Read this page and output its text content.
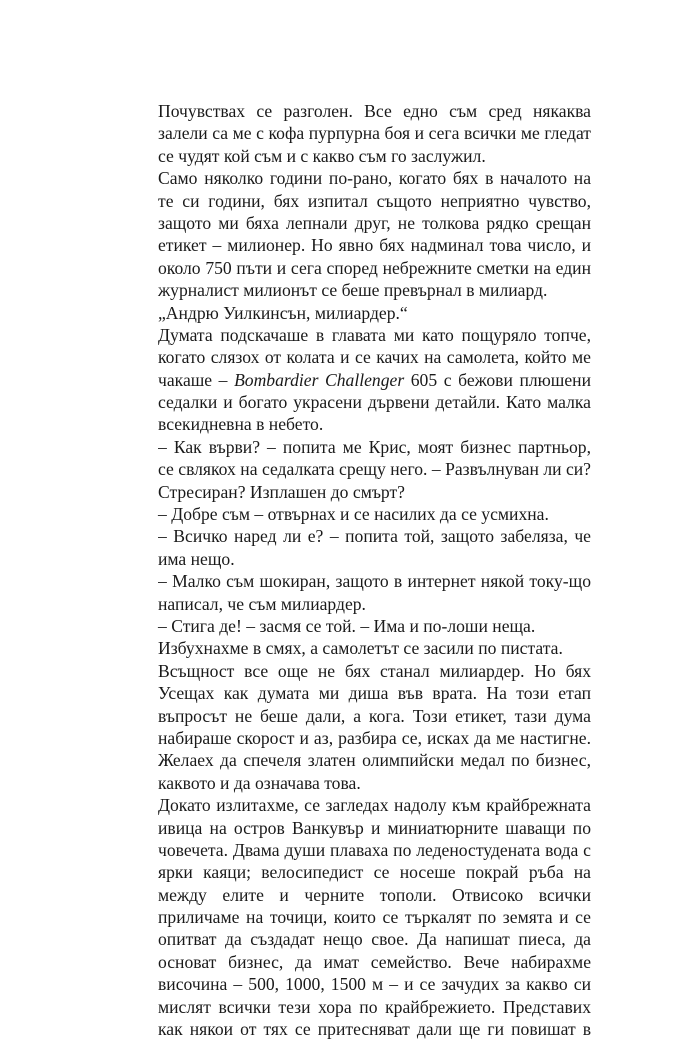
Почувствах се разголен. Все едно съм сред някаква
залели са ме с кофа пурпурна боя и сега всички ме гледат
се чудят кой съм и с какво съм го заслужил.
Само няколко години по-рано, когато бях в началото на
те си години, бях изпитал същото неприятно чувство,
защото ми бяха лепнали друг, не толкова рядко срещан
етикет – милионер. Но явно бях надминал това число, и
около 750 пъти и сега според небрежните сметки на един
журналист милионът се беше превърнал в милиард.
„Андрю Уилкинсън, милиардер.“
Думата подскачаше в главата ми като пощуряло топче,
когато слязох от колата и се качих на самолета, който ме
чакаше – Bombardier Challenger 605 с бежови плюшени
седалки и богато украсени дървени детайли. Като малка
всекидневна в небето.
– Как върви? – попита ме Крис, моят бизнес партньор,
се свлякох на седалката срещу него. – Развълнуван ли си?
Стресиран? Изплашен до смърт?
– Добре съм – отвърнах и се насилих да се усмихна.
– Всичко наред ли е? – попита той, защото забеляза, че
има нещо.
– Малко съм шокиран, защото в интернет някой току-що
написал, че съм милиардер.
– Стига де! – засмя се той. – Има и по-лоши неща.
Избухнахме в смях, а самолетът се засили по пистата.
Всъщност все още не бях станал милиардер. Но бях
Усещах как думата ми диша във врата. На този етап
въпросът не беше дали, а кога. Този етикет, тази дума
набираше скорост и аз, разбира се, исках да ме настигне.
Желаех да спечеля златен олимпийски медал по бизнес,
каквото и да означава това.
Докато излитахме, се загледах надолу към крайбрежната
ивица на остров Ванкувър и миниатюрните шаващи по
човечета. Двама души плаваха по леденостудената вода с
ярки каяци; велосипедист се носеше покрай ръба на
между елите и черните тополи. Отвисоко всички
приличаме на точици, които се търкалят по земята и се
опитват да създадат нещо свое. Да напишат пиеса, да
основат бизнес, да имат семейство. Вече набирахме
височина – 500, 1000, 1500 м – и се зачудих за какво си
мислят всички тези хора по крайбрежието. Представих
как някои от тях се притесняват дали ще ги повишат в
